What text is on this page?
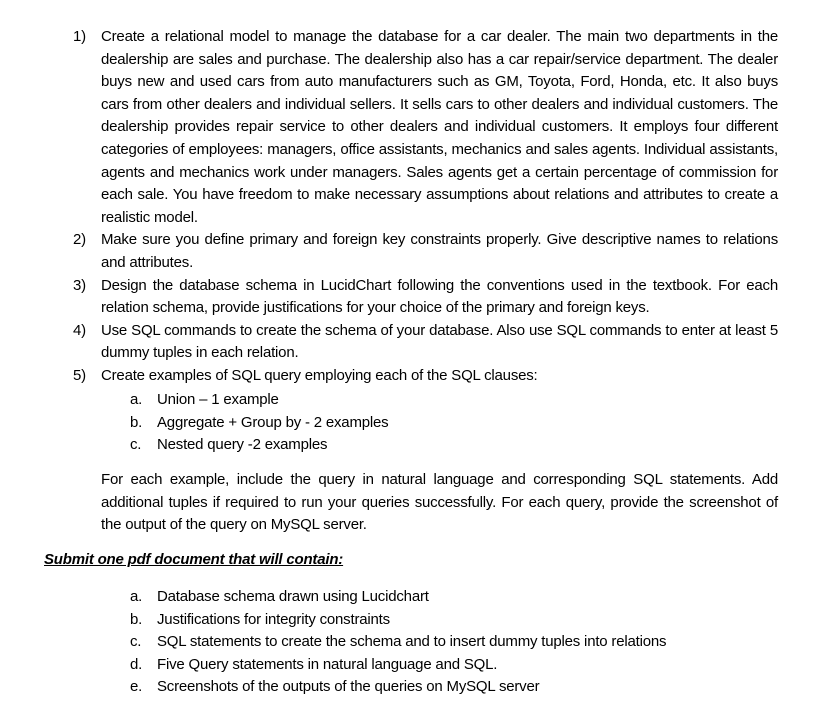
1) Create a relational model to manage the database for a car dealer. The main two departments in the dealership are sales and purchase. The dealership also has a car repair/service department. The dealer buys new and used cars from auto manufacturers such as GM, Toyota, Ford, Honda, etc. It also buys cars from other dealers and individual sellers. It sells cars to other dealers and individual customers. The dealership provides repair service to other dealers and individual customers. It employs four different categories of employees: managers, office assistants, mechanics and sales agents. Individual assistants, agents and mechanics work under managers. Sales agents get a certain percentage of commission for each sale. You have freedom to make necessary assumptions about relations and attributes to create a realistic model.
2) Make sure you define primary and foreign key constraints properly. Give descriptive names to relations and attributes.
3) Design the database schema in LucidChart following the conventions used in the textbook. For each relation schema, provide justifications for your choice of the primary and foreign keys.
4) Use SQL commands to create the schema of your database. Also use SQL commands to enter at least 5 dummy tuples in each relation.
5) Create examples of SQL query employing each of the SQL clauses:
a. Union – 1 example
b. Aggregate + Group by - 2 examples
c. Nested query -2 examples
For each example, include the query in natural language and corresponding SQL statements. Add additional tuples if required to run your queries successfully. For each query, provide the screenshot of the output of the query on MySQL server.
Submit one pdf document that will contain:
a. Database schema drawn using Lucidchart
b. Justifications for integrity constraints
c. SQL statements to create the schema and to insert dummy tuples into relations
d. Five Query statements in natural language and SQL.
e. Screenshots of the outputs of the queries on MySQL server
